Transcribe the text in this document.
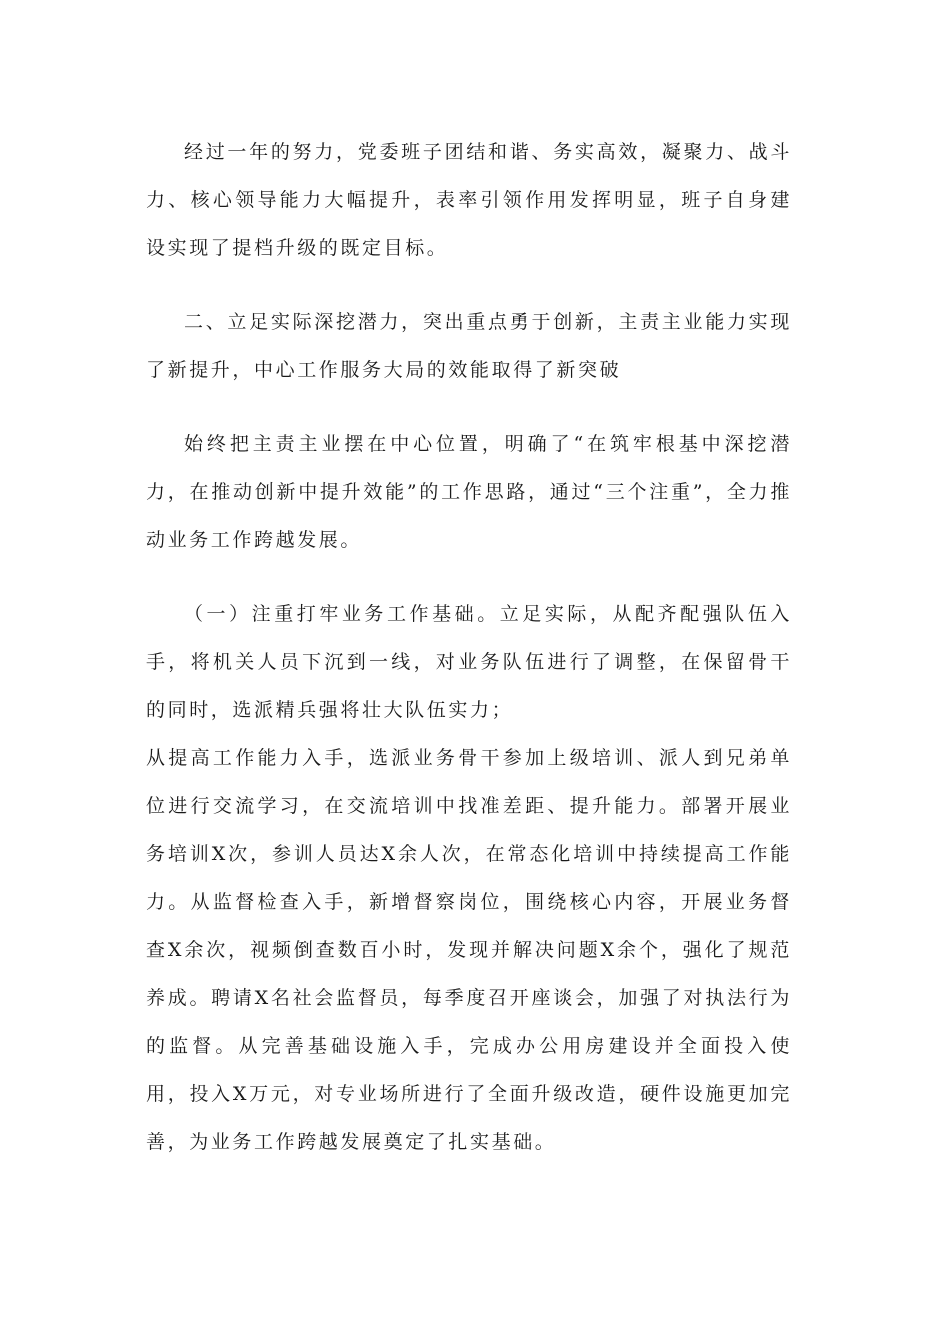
经过一年的努力，党委班子团结和谐、务实高效，凝聚力、战斗力、核心领导能力大幅提升，表率引领作用发挥明显，班子自身建设实现了提档升级的既定目标。

二、立足实际深挖潜力，突出重点勇于创新，主责主业能力实现了新提升，中心工作服务大局的效能取得了新突破

始终把主责主业摆在中心位置，明确了“在筑牢根基中深挖潜力，在推动创新中提升效能”的工作思路，通过“三个注重”，全力推动业务工作跨越发展。

（一）注重打牢业务工作基础。立足实际，从配齐配强队伍入手，将机关人员下沉到一线，对业务队伍进行了调整，在保留骨干的同时，选派精兵强将壮大队伍实力；

从提高工作能力入手，选派业务骨干参加上级培训、派人到兄弟单位进行交流学习，在交流培训中找准差距、提升能力。部署开展业务培训X次，参训人员达X余人次，在常态化培训中持续提高工作能力。从监督检查入手，新增督察岗位，围绕核心内容，开展业务督查X余次，视频倒查数百小时，发现并解决问题X余个，强化了规范养成。聘请X名社会监督员，每季度召开座谈会，加强了对执法行为的监督。从完善基础设施入手，完成办公用房建设并全面投入使用，投入X万元，对专业场所进行了全面升级改造，硬件设施更加完善，为业务工作跨越发展奠定了扎实基础。
